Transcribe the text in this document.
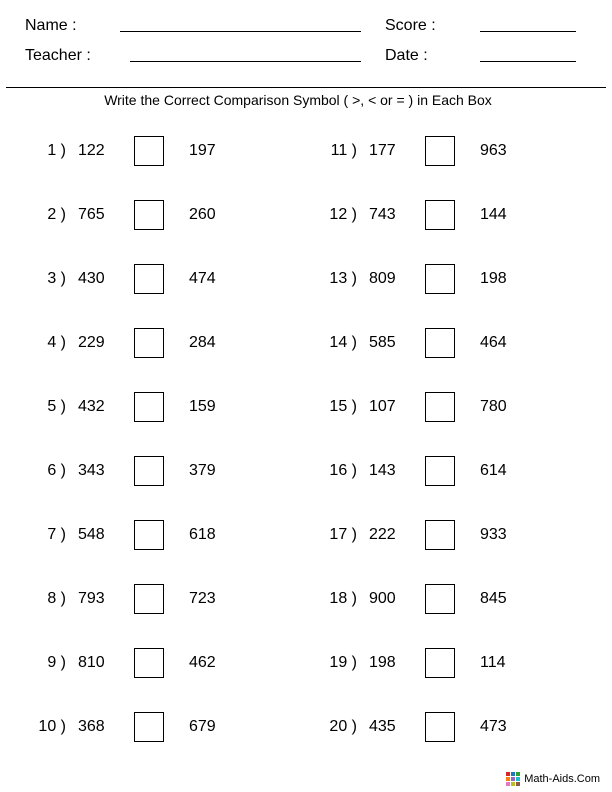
Name :	Score :
Teacher :	Date :
Write the Correct Comparison Symbol ( >, < or = ) in Each Box
1 ) 122	197
2 ) 765	260
3 ) 430	474
4 ) 229	284
5 ) 432	159
6 ) 343	379
7 ) 548	618
8 ) 793	723
9 ) 810	462
10 ) 368	679
11 ) 177	963
12 ) 743	144
13 ) 809	198
14 ) 585	464
15 ) 107	780
16 ) 143	614
17 ) 222	933
18 ) 900	845
19 ) 198	114
20 ) 435	473
Math-Aids.Com
